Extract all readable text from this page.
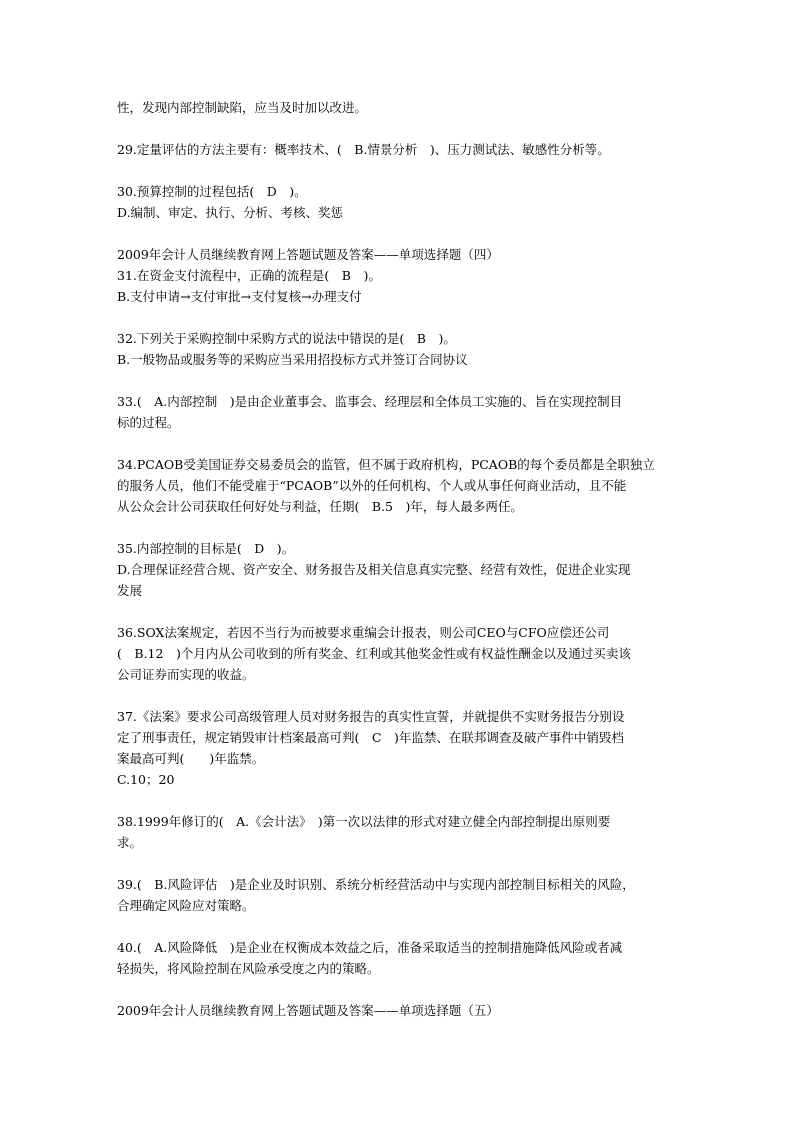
性，发现内部控制缺陷，应当及时加以改进。
29.定量评估的方法主要有：概率技术、(　B.情景分析　)、压力测试法、敏感性分析等。
30.预算控制的过程包括(　D　)。
D.编制、审定、执行、分析、考核、奖惩
2009年会计人员继续教育网上答题试题及答案——单项选择题（四）
31.在资金支付流程中，正确的流程是(　B　)。
B.支付申请→支付审批→支付复核→办理支付
32.下列关于采购控制中采购方式的说法中错误的是(　B　)。
B.一般物品或服务等的采购应当采用招投标方式并签订合同协议
33.(　A.内部控制　)是由企业董事会、监事会、经理层和全体员工实施的、旨在实现控制目
标的过程。
34.PCAOB受美国证券交易委员会的监管，但不属于政府机构，PCAOB的每个委员都是全职独立
的服务人员，他们不能受雇于“PCAOB”以外的任何机构、个人或从事任何商业活动，且不能
从公众会计公司获取任何好处与利益，任期(　B.5　)年，每人最多两任。
35.内部控制的目标是(　D　)。
D.合理保证经营合规、资产安全、财务报告及相关信息真实完整、经营有效性，促进企业实现
发展
36.SOX法案规定，若因不当行为而被要求重编会计报表，则公司CEO与CFO应偿还公司
(　B.12　)个月内从公司收到的所有奖金、红利或其他奖金性或有权益性酬金以及通过买卖该
公司证券而实现的收益。
37.《法案》要求公司高级管理人员对财务报告的真实性宣誓，并就提供不实财务报告分别设
定了刑事责任，规定销毁审计档案最高可判(　C　)年监禁、在联邦调查及破产事件中销毁档
案最高可判(　　)年监禁。
C.10；20
38.1999年修订的(　A.《会计法》　)第一次以法律的形式对建立健全内部控制提出原则要
求。
39.(　B.风险评估　)是企业及时识别、系统分析经营活动中与实现内部控制目标相关的风险，
合理确定风险应对策略。
40.(　A.风险降低　)是企业在权衡成本效益之后，准备采取适当的控制措施降低风险或者减
轻损失，将风险控制在风险承受度之内的策略。
2009年会计人员继续教育网上答题试题及答案——单项选择题（五）
